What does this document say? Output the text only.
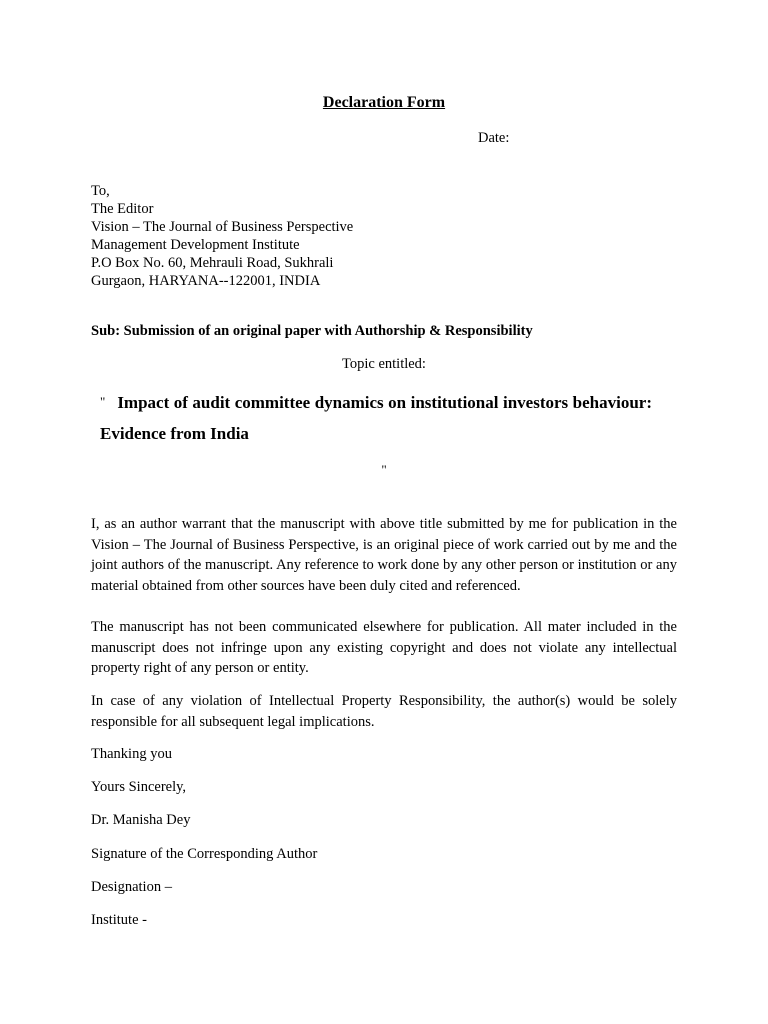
Declaration Form
Date:
To,
The Editor
Vision – The Journal of Business Perspective
Management Development Institute
P.O Box No. 60, Mehrauli Road, Sukhrali
Gurgaon, HARYANA--122001, INDIA
Sub: Submission of an original paper with Authorship & Responsibility
Topic entitled:
" Impact of audit committee dynamics on institutional investors behaviour: Evidence from India
"
I, as an author warrant that the manuscript with above title submitted by me for publication in the Vision – The Journal of Business Perspective, is an original piece of work carried out by me and the joint authors of the manuscript. Any reference to work done by any other person or institution or any material obtained from other sources have been duly cited and referenced.
The manuscript has not been communicated elsewhere for publication. All mater included in the manuscript does not infringe upon any existing copyright and does not violate any intellectual property right of any person or entity.
In case of any violation of Intellectual Property Responsibility, the author(s) would be solely responsible for all subsequent legal implications.
Thanking you
Yours Sincerely,
Dr. Manisha Dey
Signature of the Corresponding Author
Designation –
Institute -
